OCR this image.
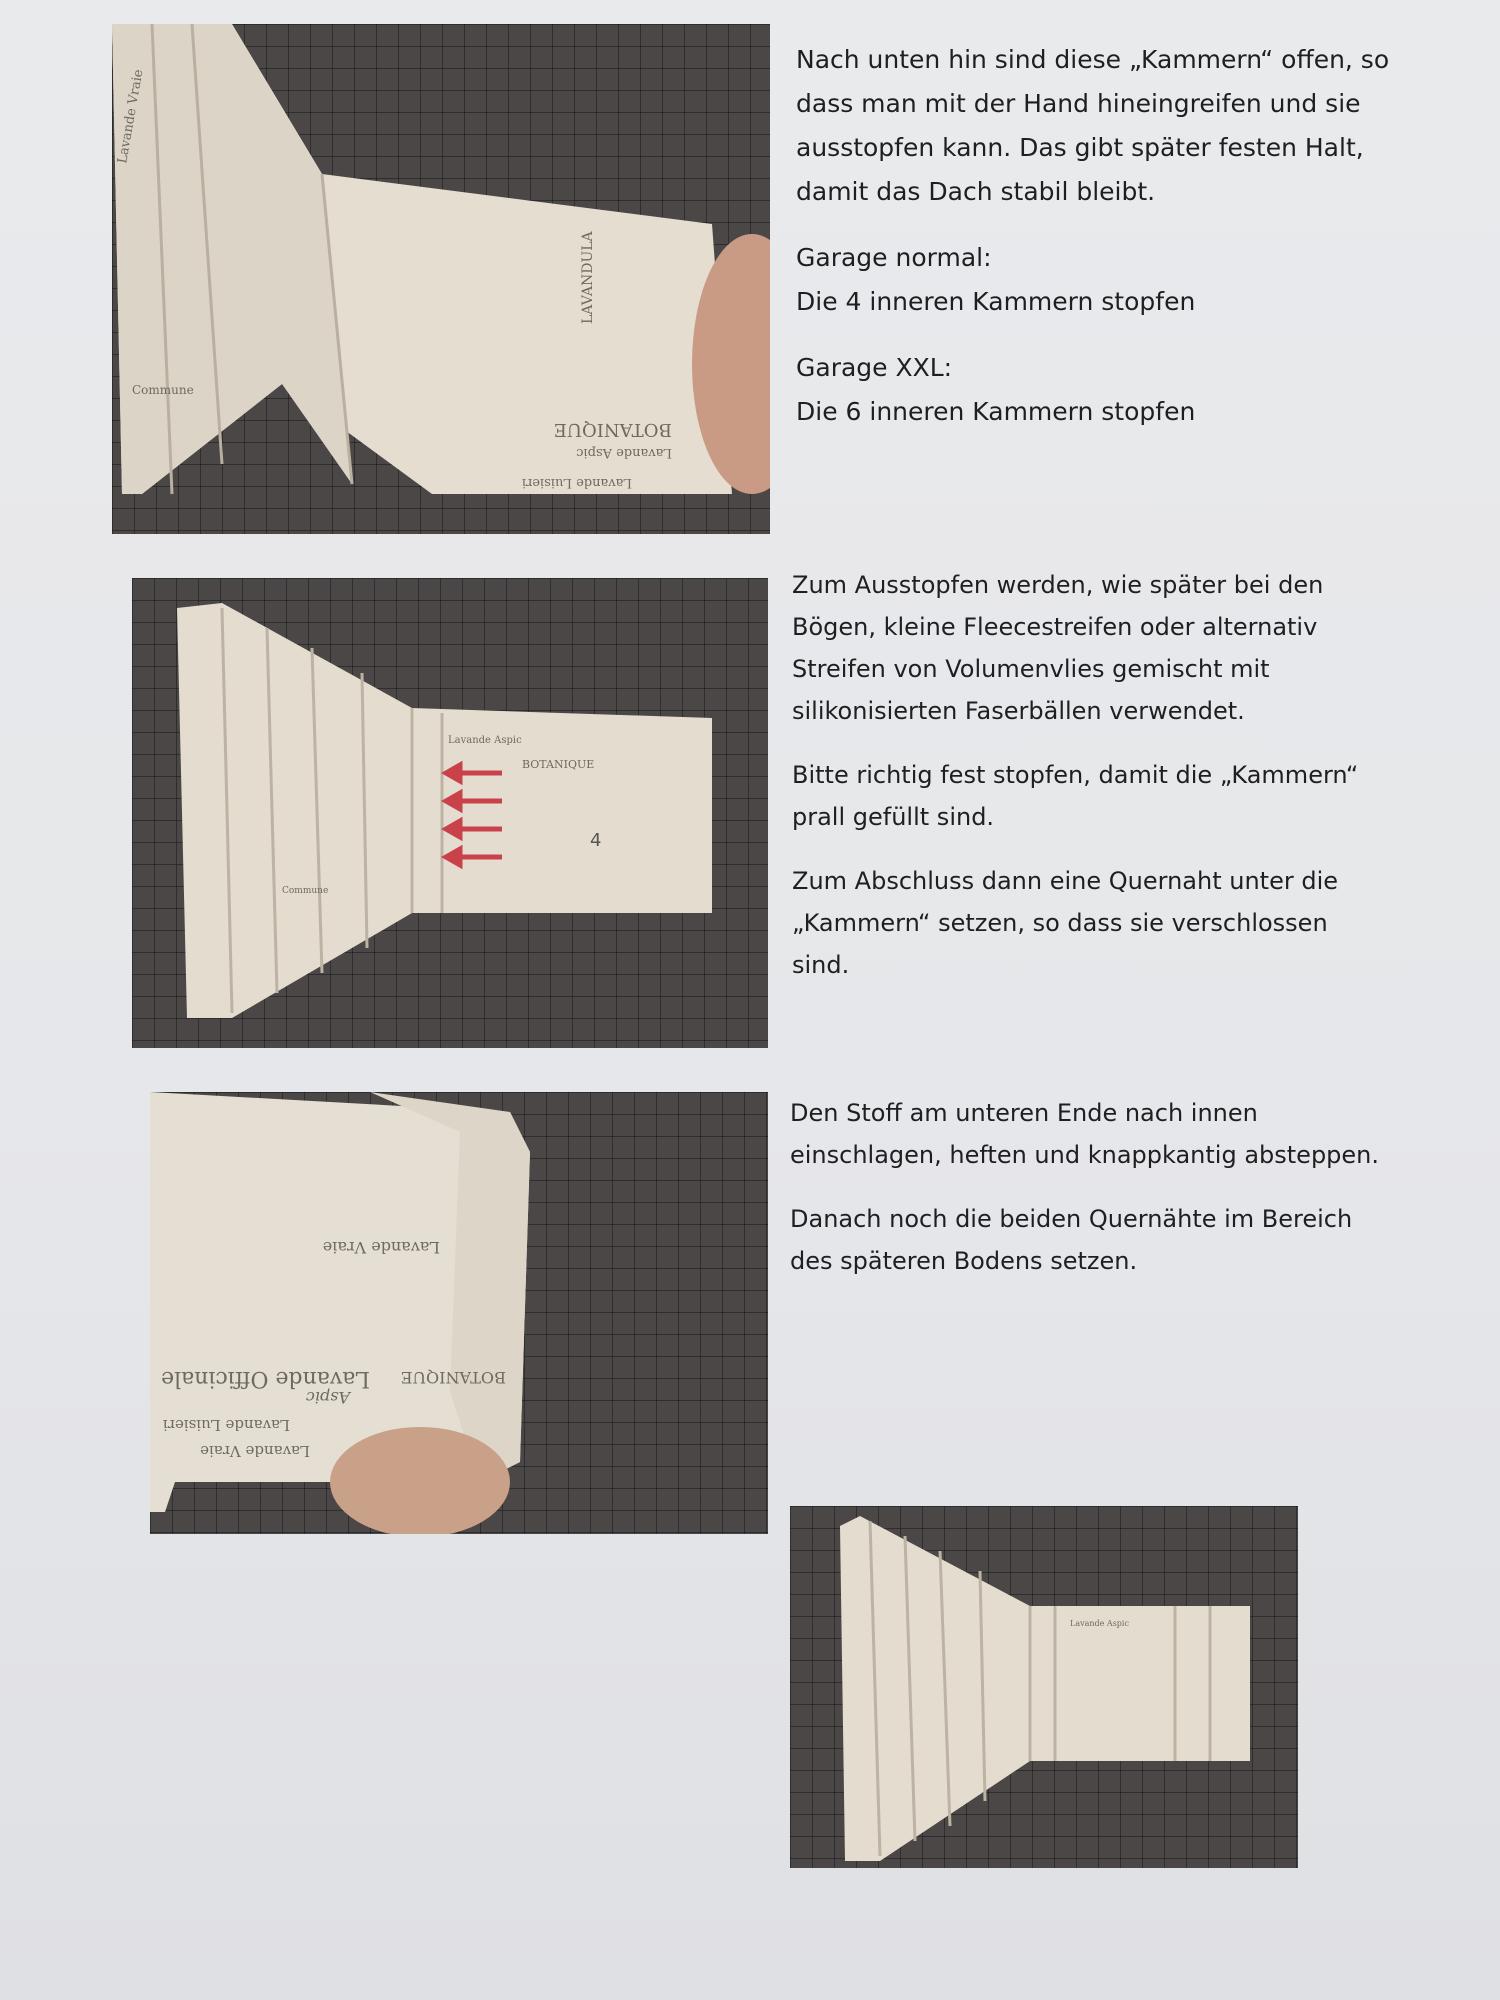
Lavande Vraie
LAVANDULA
BOTANIQUE
Lavande Aspic
Lavande Luisieri
Commune

Nach unten hin sind diese „Kammern“ offen, so

dass man mit der Hand hineingreifen und sie

ausstopfen kann. Das gibt später festen Halt,

damit das Dach stabil bleibt.

Garage normal:

Die 4 inneren Kammern stopfen

Garage XXL:

Die 6 inneren Kammern stopfen

Lavande Aspic
BOTANIQUE
Commune
4

Zum Ausstopfen werden, wie später bei den

Bögen, kleine Fleecestreifen oder alternativ

Streifen von Volumenvlies gemischt mit

silikonisierten Faserbällen verwendet.

Bitte richtig fest stopfen, damit die „Kammern“

prall gefüllt sind.

Zum Abschluss dann eine Quernaht unter die

„Kammern“ setzen, so dass sie verschlossen

sind.

BOTANIQUE
Lavande Vraie
Lavande Officinale
Aspic
Lavande Luisieri
Lavande Vraie

Den Stoff am unteren Ende nach innen

einschlagen, heften und knappkantig absteppen.

Danach noch die beiden Quernähte im Bereich

des späteren Bodens setzen.

Lavande Aspic
